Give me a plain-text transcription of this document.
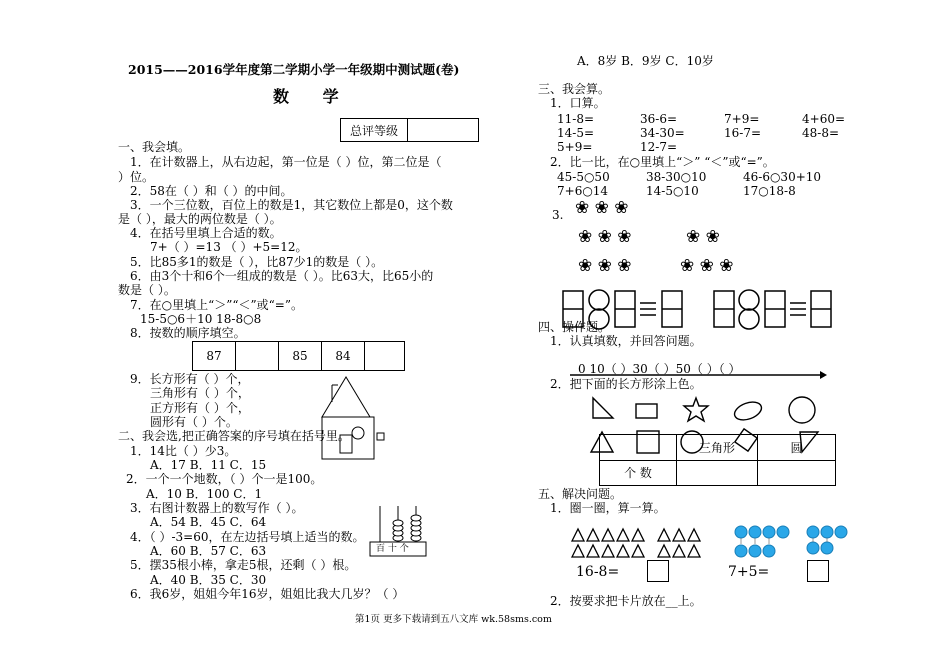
2015——2016学年度第二学期小学一年级期中测试题(卷)
数 学
总评等级	
一、我会填。
1．在计数器上，从右边起，第一位是（ ）位，第二位是（
）位。
2．58在（ ）和（ ）的中间。
3．一个三位数，百位上的数是1，其它数位上都是0，这个数
是（ ），最大的两位数是（ ）。
4．在括号里填上合适的数。
7+（ ）=13 （ ）+5=12。
5．比85多1的数是（ ），比87少1的数是（ ）。
6．由3个十和6个一组成的数是（ ）。比63大，比65小的
数是（ ）。
7．在○里填上“＞”“＜”或“=”。
15-5○6＋10 18-8○8
8．按数的顺序填空。
87		85	84	
9．长方形有（ ）个，
三角形有（ ）个，
正方形有（ ）个，
圆形有（ ）个。
二、我会选,把正确答案的序号填在括号里。
1．14比（ ）少3。
A．17 B．11 C．15
2．一个一个地数，（ ）个一是100。
A．10 B．100 C．1
3．右图计数器上的数写作（ ）。
A．54 B．45 C．64
4．（ ）-3=60，在左边括号填上适当的数。
A．60 B．57 C．63
5．摆35根小棒，拿走5根，还剩（ ）根。
A．40 B．35 C．30
6．我6岁，姐姐今年16岁，姐姐比我大几岁？（ ）
百 十 个
A．8岁 B．9岁 C．10岁
三、我会算。
1．口算。
11-8=	36-6=	7+9=	4+60=
14-5=	34-30=	16-7=	48-8=
5+9=	12-7=
2．比一比，在○里填上“＞” “＜”或“=”。
45-5○50	38-30○10	46-6○30+10
7+6○14	14-5○10	17○18-8
3. ❀ ❀ ❀
❀ ❀ ❀	❀ ❀
❀ ❀ ❀	❀ ❀ ❀
四、操作题。
1．认真填数，并回答问题。
0 10（ ）30（ ）50（ ）（ ）
2．把下面的长方形涂上色。
	三角形	圆
个 数		
五、解决问题。
1．圈一圈，算一算。
16-8=	7+5=
2．按要求把卡片放在__上。
第1页 更多下载请到五八文库 wk.58sms.com
